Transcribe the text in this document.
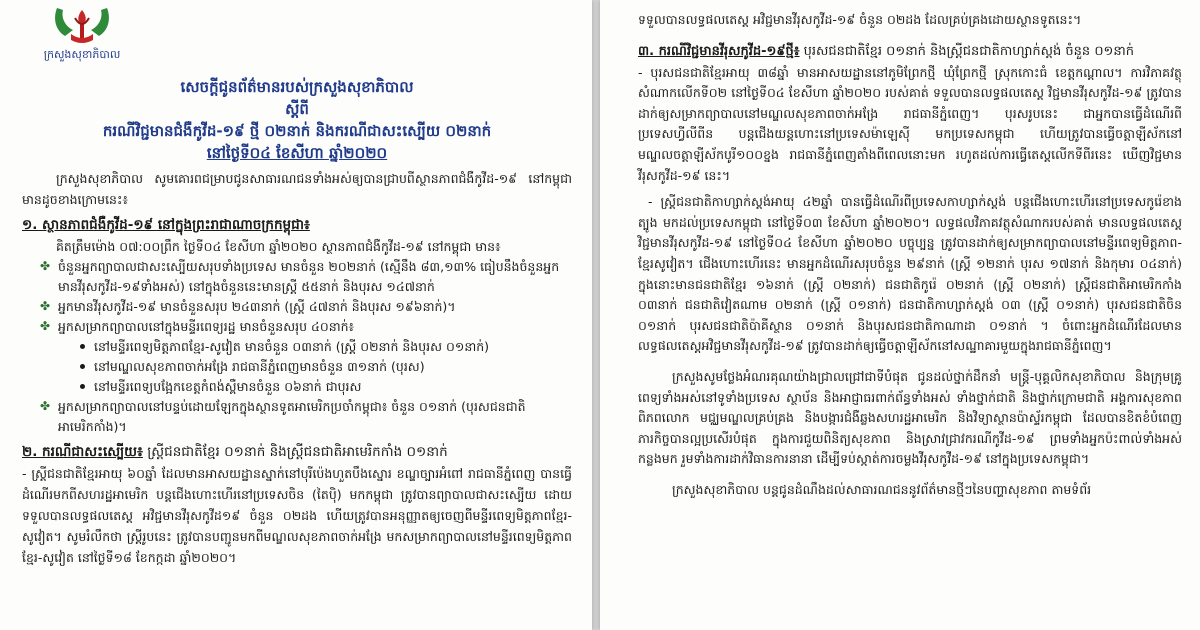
ក្រសួងសុខាភិបាល
សេចក្តីជូនព័ត៌មានរបស់ក្រសួងសុខាភិបាល
ស្តីពី
ករណីវិជ្ជមានជំងឺកូវីដ-១៩ ថ្មី ០២នាក់ និងករណីជាសះស្បើយ ០២នាក់
នៅថ្ងៃទី០៤ ខែសីហា ឆ្នាំ២០២០

ក្រសួងសុខាភិបាល សូមគោរពជម្រាបជូនសាធារណជនទាំងអស់ឲ្យបានជ្រាបពីស្ថានភាពជំងឺកូវីដ-១៩ នៅកម្ពុជា មានដូចខាងក្រោមនេះ៖

១. ស្ថានភាពជំងឺកូវីដ-១៩ នៅក្នុងព្រះរាជាណាចក្រកម្ពុជា៖

គិតត្រឹមម៉ោង ០៧:០០ព្រឹក ថ្ងៃទី០៤ ខែសីហា ឆ្នាំ២០២០ ស្ថានភាពជំងឺកូវីដ-១៩ នៅកម្ពុជា មាន៖

✤ ចំនួនអ្នកព្យាបាលជាសះស្បើយសរុបទាំងប្រទេស មានចំនួន ២០២នាក់ (ស្មើនឹង ៨៣,១៣% ធៀបនឹងចំនួនអ្នកមានវីរុសកូវីដ-១៩ទាំងអស់) នៅក្នុងចំនួននេះមានស្ត្រី ៥៥នាក់ និងបុរស ១៤៧នាក់
✤ អ្នកមានវីរុសកូវីដ-១៩ មានចំនួនសរុប ២៤៣នាក់ (ស្ត្រី ៤៧នាក់ និងបុរស ១៩៦នាក់)។
✤ អ្នកសម្រាកព្យាបាលនៅក្នុងមន្ទីរពេទ្យរដ្ឋ មានចំនួនសរុប ៤០នាក់៖
នៅមន្ទីរពេទ្យមិត្តភាពខ្មែរ-សូវៀត មានចំនួន ០៣នាក់ (ស្ត្រី ០២នាក់ និងបុរស ០១នាក់)
នៅមណ្ឌលសុខភាពចាក់អង្រែ រាជធានីភ្នំពេញមានចំនួន ៣១នាក់ (បុរស)
នៅមន្ទីរពេទ្យបង្អែកខេត្តកំពង់ស្ពឺមានចំនួន ០៦នាក់ ជាបុរស
✤ អ្នកសម្រាកព្យាបាលនៅបន្ទប់ដោយឡែកក្នុងស្ថានទូតអាមេរិកប្រចាំកម្ពុជា៖ ចំនួន ០១នាក់ (បុរសជនជាតិអាមេរិកកាំង)។
២. ករណីជាសះស្បើយ៖ ស្ត្រីជនជាតិខ្មែរ ០១នាក់ និងស្ត្រីជនជាតិអាមេរិកកាំង ០១នាក់

- ស្ត្រីជនជាតិខ្មែរអាយុ ៦០ឆ្នាំ ដែលមានអាសយដ្ឋានស្នាក់នៅបុរីប៉េងហួតបឹងស្នោរ ខណ្ឌច្បារអំពៅ រាជធានីភ្នំពេញ បានធ្វើដំណើរមកពីសហរដ្ឋអាមេរិក បន្តជើងហោះហើរនៅប្រទេសចិន (តៃប៉ិ) មកកម្ពុជា ត្រូវបានព្យាបាលជាសះស្បើយ ដោយទទួលបានលទ្ធផលតេស្ត អវិជ្ជមានវីរុសកូវីដ១៩ ចំនួន ០២ដង ហើយត្រូវបានអនុញ្ញាតឲ្យចេញពីមន្ទីរពេទ្យមិត្តភាពខ្មែរ-សូវៀត។ សូមរំលឹកថា ស្ត្រីរូបនេះ ត្រូវបានបញ្ជូនមកពីមណ្ឌលសុខភាពចាក់អង្រែ មកសម្រាកព្យាបាលនៅមន្ទីរពេទ្យមិត្តភាពខ្មែរ-សូវៀត នៅថ្ងៃទី១៨ ខែកក្កដា ឆ្នាំ២០២០។

ទទួលបានលទ្ធផលតេស្ត អវិជ្ជមានវីរុសកូវីដ-១៩ ចំនួន ០២ដង ដែលគ្រប់គ្រងដោយស្ថានទូតនេះ។

៣. ករណីវិជ្ជមានវីរុសកូវីដ-១៩ថ្មី៖ បុរសជនជាតិខ្មែរ ០១នាក់ និងស្ត្រីជនជាតិកាហ្សាក់ស្តង់ ចំនួន ០១នាក់

- បុរសជនជាតិខ្មែរអាយុ ៣៨ឆ្នាំ មានអាសយដ្ឋាននៅភូមិព្រែកថ្មី ឃុំព្រែកថ្មី ស្រុកកោះធំ ខេត្តកណ្តាល។ ការវិភាគវត្ថុសំណាកលើកទី០២ នៅថ្ងៃទី០៤ ខែសីហា ឆ្នាំ២០២០ របស់គាត់ ទទួលបានលទ្ធផលតេស្ត វិជ្ជមានវីរុសកូវីដ-១៩ ត្រូវបានដាក់ឲ្យសម្រាកព្យាបាលនៅមណ្ឌលសុខភាពចាក់អង្រែ រាជធានីភ្នំពេញ។ បុរសរូបនេះ ជាអ្នកបានធ្វើដំណើរពីប្រទេសហ្វីលីពីន បន្តជើងយន្តហោះនៅប្រទេសម៉ាឡេស៊ី មកប្រទេសកម្ពុជា ហើយត្រូវបានធ្វើចត្តាឡីស័កនៅមណ្ឌលចត្តាឡីស័កបូរី១០០ខ្នង រាជធានីភ្នំពេញតាំងពីពេលនោះមក រហូតដល់ការធ្វើតេស្តលើកទីពីរនេះ ឃើញវិជ្ជមានវីរុសកូវីដ-១៩ នេះ។

- ស្ត្រីជនជាតិកាហ្សាក់ស្តង់អាយុ ៤២ឆ្នាំ បានធ្វើដំណើរពីប្រទេសកាហ្សាក់ស្តង់ បន្តជើងហោះហើរនៅប្រទេសកូរ៉េខាងត្បូង មកដល់ប្រទេសកម្ពុជា នៅថ្ងៃទី០៣ ខែសីហា ឆ្នាំ២០២០។ លទ្ធផលវិភាគវត្ថុសំណាករបស់គាត់ មានលទ្ធផលតេស្ត វិជ្ជមានវីរុសកូវីដ-១៩ នៅថ្ងៃទី០៤ ខែសីហា ឆ្នាំ២០២០ បច្ចុប្បន្ន ត្រូវបានដាក់ឲ្យសម្រាកព្យាបាលនៅមន្ទីរពេទ្យមិត្តភាព-ខ្មែរសូវៀត។ ជើងហោះហើរនេះ មានអ្នកដំណើរសរុបចំនួន ២៩នាក់ (ស្ត្រី ១២នាក់ បុរស ១៧នាក់ និងកុមារ ០៤នាក់) ក្នុងនោះមានជនជាតិខ្មែរ ១៦នាក់ (ស្ត្រី ០២នាក់) ជនជាតិកូរ៉េ ០២នាក់ (ស្ត្រី ០២នាក់) ស្ត្រីជនជាតិអាមេរិកកាំង ០៣នាក់ ជនជាតិវៀតណាម ០២នាក់ (ស្ត្រី ០១នាក់) ជនជាតិកាហ្សាក់ស្តង់ ០៣ (ស្ត្រី ០១នាក់) បុរសជនជាតិចិន ០១នាក់ បុរសជនជាតិប៉ាគីស្ថាន ០១នាក់ និងបុរសជនជាតិកាណាដា ០១នាក់ ។ ចំពោះអ្នកដំណើរដែលមានលទ្ធផលតេស្តអវិជ្ជមានវីរុសកូវីដ-១៩ ត្រូវបានដាក់ឲ្យធ្វើចត្តាឡីស័កនៅសណ្ឋាគារមួយក្នុងរាជធានីភ្នំពេញ។

ក្រសួងសូមថ្លែងអំណរគុណយ៉ាងជ្រាលជ្រៅជាទីបំផុត ជូនដល់ថ្នាក់ដឹកនាំ មន្ត្រី-បុគ្គលិកសុខាភិបាល និងក្រុមគ្រូពេទ្យទាំងអស់នៅទូទាំងប្រទេស ស្ថាប័ន និងអាជ្ញាធរពាក់ព័ន្ធទាំងអស់ ទាំងថ្នាក់ជាតិ និងថ្នាក់ក្រោមជាតិ អង្គការសុខភាពពិភពលោក មជ្ឈមណ្ឌលគ្រប់គ្រង និងបង្ការជំងឺឆ្លងសហរដ្ឋអាមេរិក និងវិទ្យាស្ថានប៉ាស្ទ័រកម្ពុជា ដែលបានខិតខំបំពេញភារកិច្ចបានល្អប្រសើរបំផុត ក្នុងការជួយពិនិត្យសុខភាព និងស្រាវជ្រាវករណីកូវីដ-១៩ ព្រមទាំងអ្នកប៉ះពាល់ទាំងអស់កន្លងមក រួមទាំងការដាក់វិធានការនានា ដើម្បីទប់ស្កាត់ការចម្លងវីរុសកូវីដ-១៩ នៅក្នុងប្រទេសកម្ពុជា។

ក្រសួងសុខាភិបាល បន្តជូនដំណឹងដល់សាធារណជននូវព័ត៌មានថ្មីៗនៃបញ្ហាសុខភាព តាមទំព័រ
